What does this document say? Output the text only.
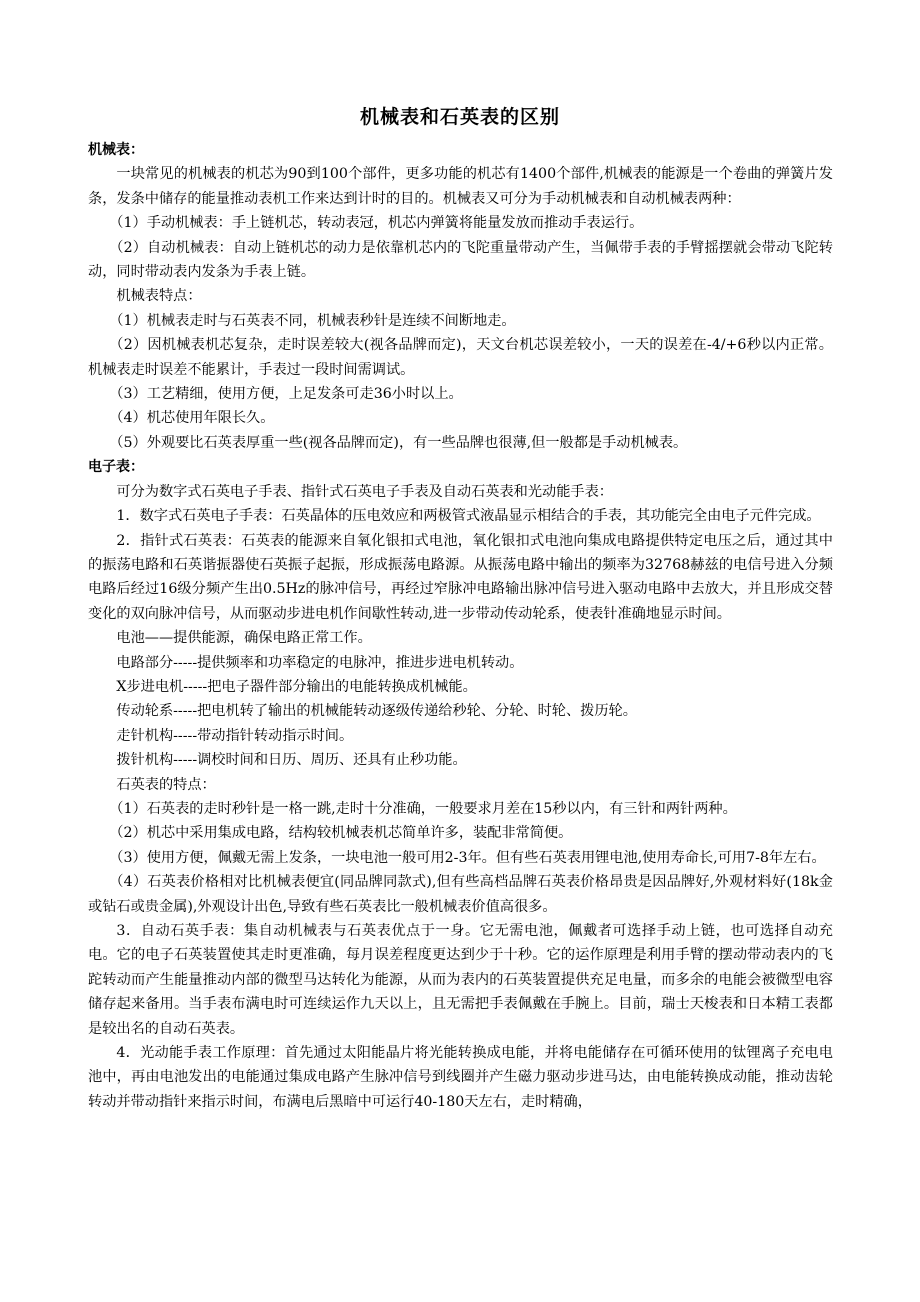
机械表和石英表的区别

机械表：

一块常见的机械表的机芯为90到100个部件，更多功能的机芯有1400个部件,机械表的能源是一个卷曲的弹簧片发条，发条中储存的能量推动表机工作来达到计时的目的。机械表又可分为手动机械表和自动机械表两种：

（1）手动机械表：手上链机芯，转动表冠，机芯内弹簧将能量发放而推动手表运行。

（2）自动机械表：自动上链机芯的动力是依靠机芯内的飞陀重量带动产生，当佩带手表的手臂摇摆就会带动飞陀转动，同时带动表内发条为手表上链。

机械表特点：

（1）机械表走时与石英表不同，机械表秒针是连续不间断地走。

（2）因机械表机芯复杂，走时误差较大(视各品牌而定)，天文台机芯误差较小，一天的误差在-4/+6秒以内正常。机械表走时误差不能累计，手表过一段时间需调试。

（3）工艺精细，使用方便，上足发条可走36小时以上。

（4）机芯使用年限长久。

（5）外观要比石英表厚重一些(视各品牌而定)，有一些品牌也很薄,但一般都是手动机械表。

电子表：

可分为数字式石英电子手表、指针式石英电子手表及自动石英表和光动能手表：

1．数字式石英电子手表：石英晶体的压电效应和两极管式液晶显示相结合的手表，其功能完全由电子元件完成。

2．指针式石英表：石英表的能源来自氧化银扣式电池，氧化银扣式电池向集成电路提供特定电压之后，通过其中的振荡电路和石英谐振器使石英振子起振，形成振荡电路源。从振荡电路中输出的频率为32768赫兹的电信号进入分频电路后经过16级分频产生出0.5Hz的脉冲信号，再经过窄脉冲电路输出脉冲信号进入驱动电路中去放大，并且形成交替变化的双向脉冲信号，从而驱动步进电机作间歇性转动,进一步带动传动轮系，使表针准确地显示时间。

电池——提供能源，确保电路正常工作。

电路部分-----提供频率和功率稳定的电脉冲，推进步进电机转动。

X步进电机-----把电子器件部分输出的电能转换成机械能。

传动轮系-----把电机转了输出的机械能转动逐级传递给秒轮、分轮、时轮、拨历轮。

走针机构-----带动指针转动指示时间。

拨针机构-----调校时间和日历、周历、还具有止秒功能。

石英表的特点：

（1）石英表的走时秒针是一格一跳,走时十分准确，一般要求月差在15秒以内，有三针和两针两种。

（2）机芯中采用集成电路，结构较机械表机芯简单许多，装配非常简便。

（3）使用方便，佩戴无需上发条，一块电池一般可用2-3年。但有些石英表用锂电池,使用寿命长,可用7-8年左右。

（4）石英表价格相对比机械表便宜(同品牌同款式),但有些高档品牌石英表价格昂贵是因品牌好,外观材料好(18k金或钻石或贵金属),外观设计出色,导致有些石英表比一般机械表价值高很多。

3．自动石英手表：集自动机械表与石英表优点于一身。它无需电池，佩戴者可选择手动上链，也可选择自动充电。它的电子石英装置使其走时更准确，每月误差程度更达到少于十秒。它的运作原理是利用手臂的摆动带动表内的飞跎转动而产生能量推动内部的微型马达转化为能源，从而为表内的石英装置提供充足电量，而多余的电能会被微型电容储存起来备用。当手表布满电时可连续运作九天以上，且无需把手表佩戴在手腕上。目前，瑞士天梭表和日本精工表都是较出名的自动石英表。

4．光动能手表工作原理：首先通过太阳能晶片将光能转换成电能，并将电能储存在可循环使用的钛锂离子充电电池中，再由电池发出的电能通过集成电路产生脉冲信号到线圈并产生磁力驱动步进马达，由电能转换成动能，推动齿轮转动并带动指针来指示时间，布满电后黑暗中可运行40-180天左右，走时精确，
